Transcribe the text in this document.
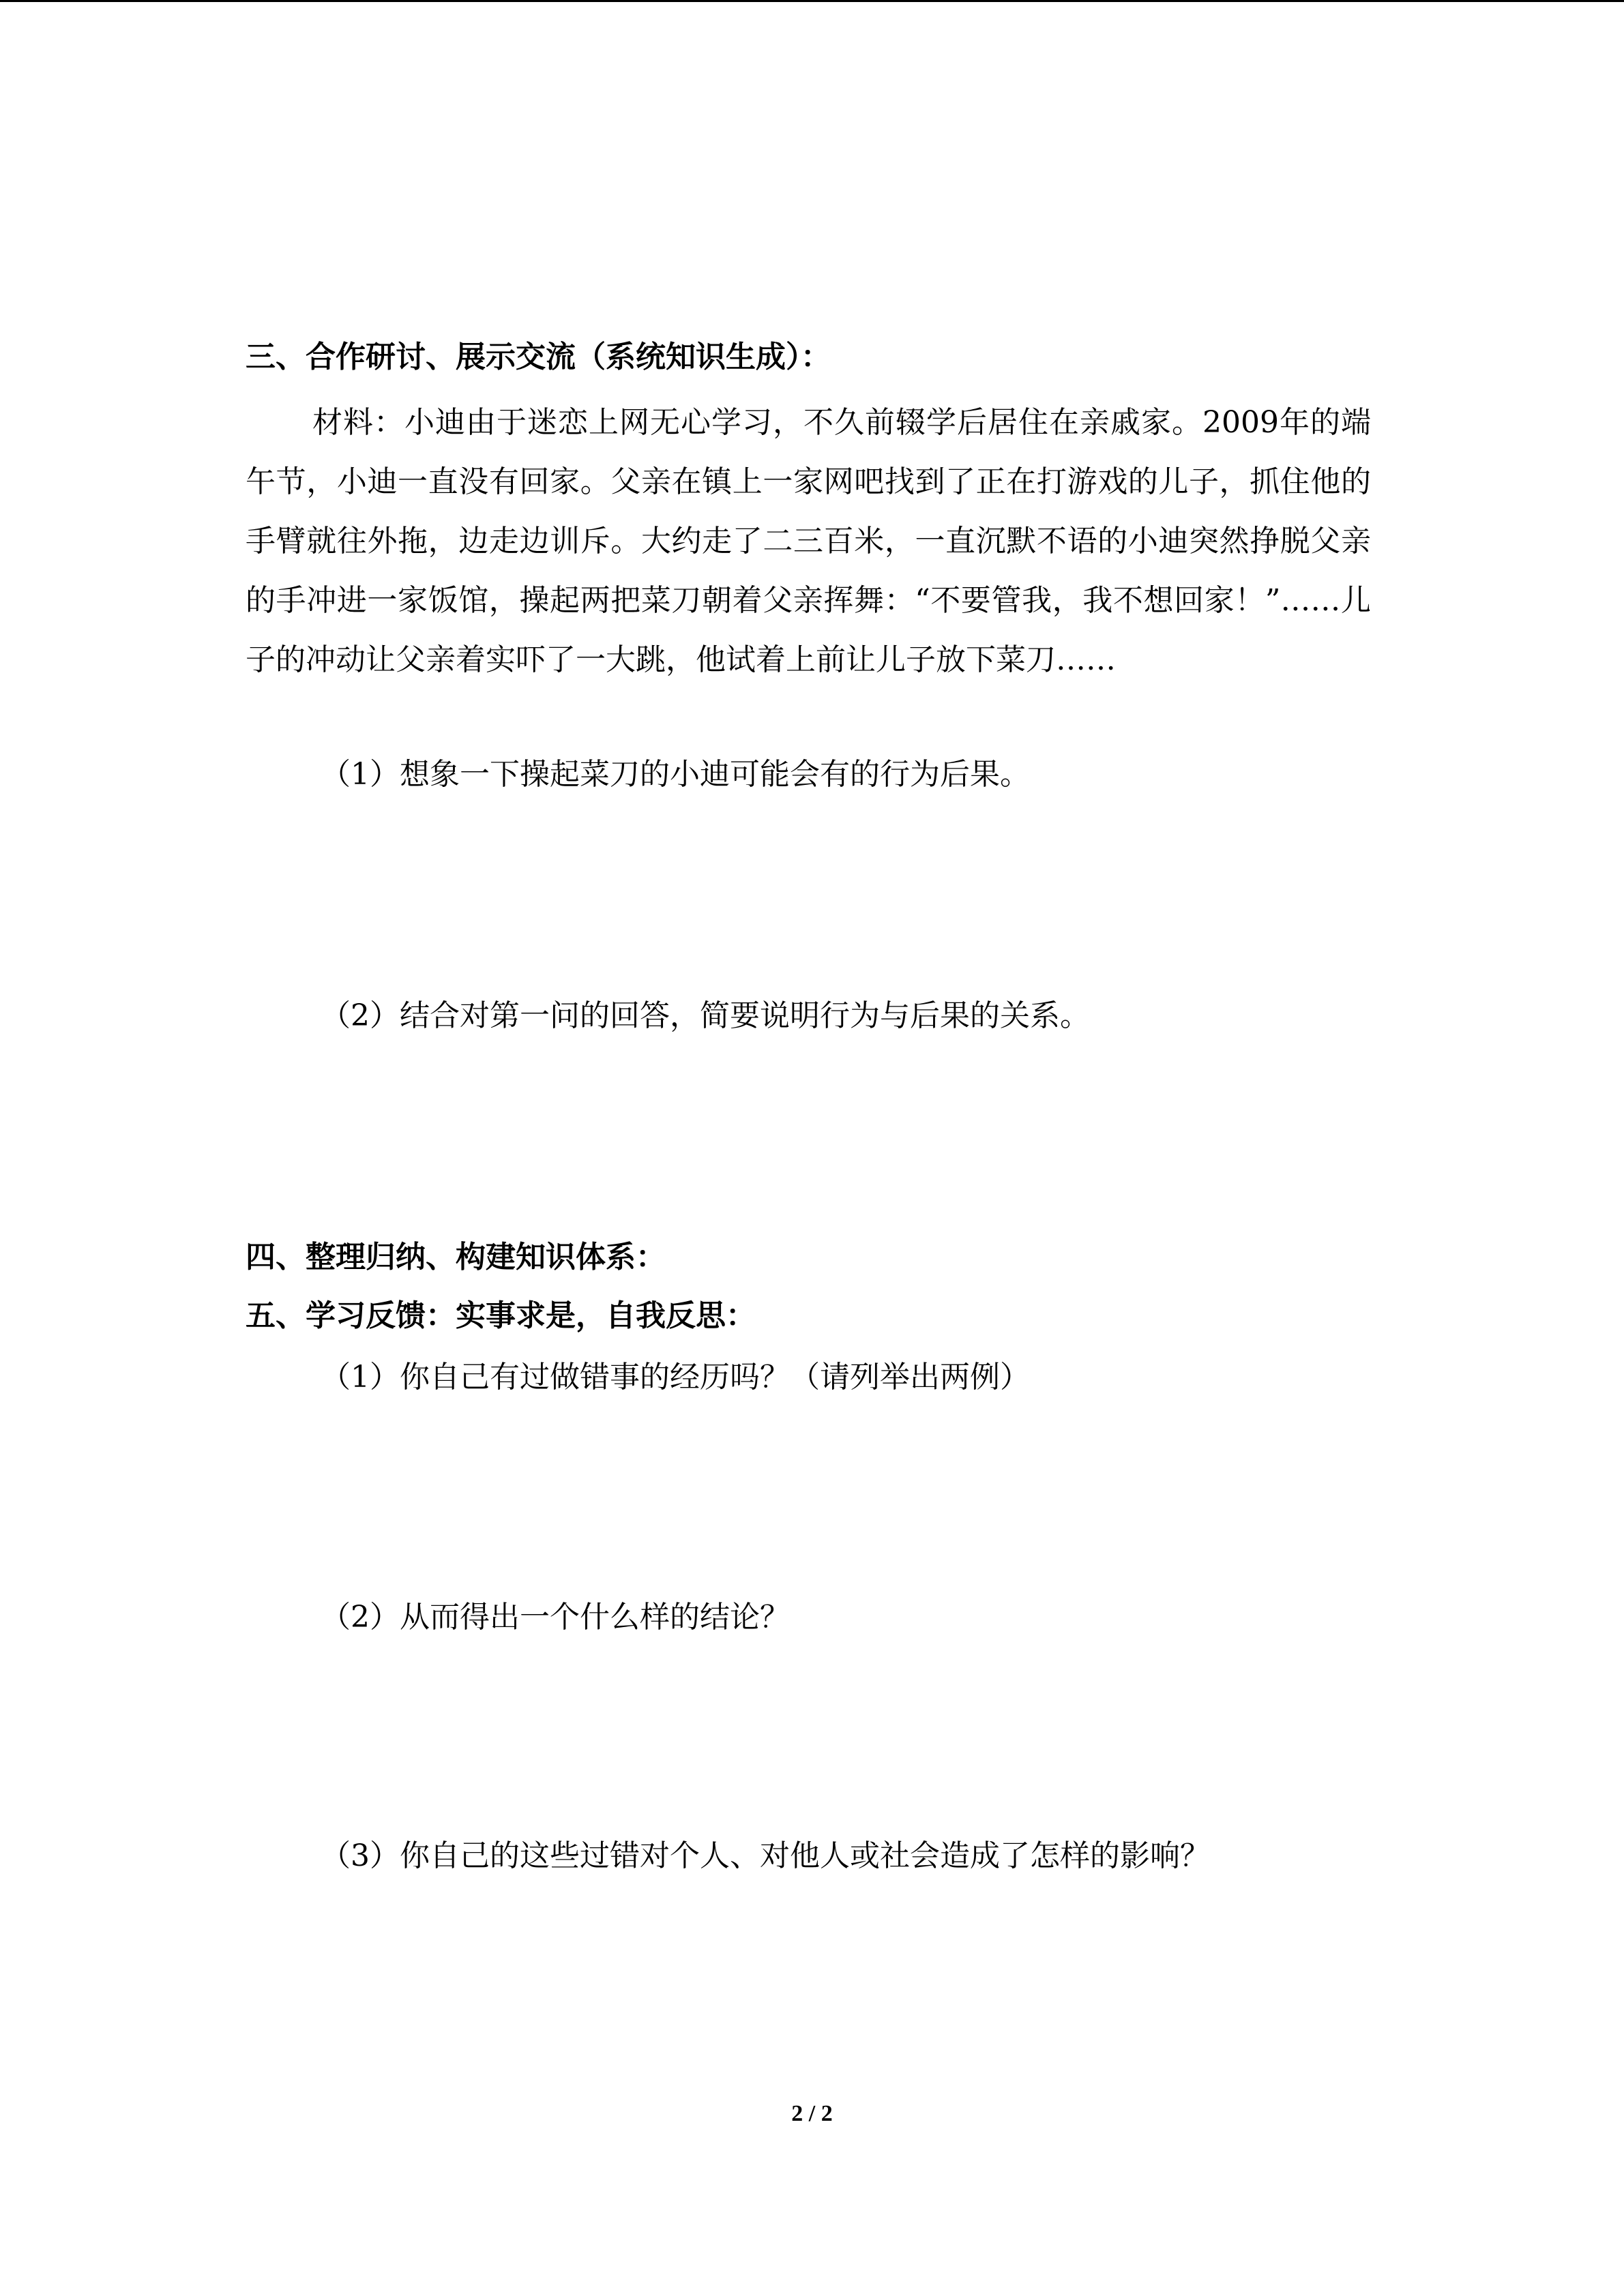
三、合作研讨、展示交流（系统知识生成）：

材料：小迪由于迷恋上网无心学习，不久前辍学后居住在亲戚家。2009年的端午节，小迪一直没有回家。父亲在镇上一家网吧找到了正在打游戏的儿子，抓住他的手臂就往外拖，边走边训斥。大约走了二三百米，一直沉默不语的小迪突然挣脱父亲的手冲进一家饭馆，操起两把菜刀朝着父亲挥舞：“不要管我，我不想回家！”……儿子的冲动让父亲着实吓了一大跳，他试着上前让儿子放下菜刀……

（1）想象一下操起菜刀的小迪可能会有的行为后果。
（2）结合对第一问的回答，简要说明行为与后果的关系。
四、整理归纳、构建知识体系：
五、学习反馈：实事求是，自我反思：
（1）你自己有过做错事的经历吗？（请列举出两例）
（2）从而得出一个什么样的结论？
（3）你自己的这些过错对个人、对他人或社会造成了怎样的影响？
2 / 2
